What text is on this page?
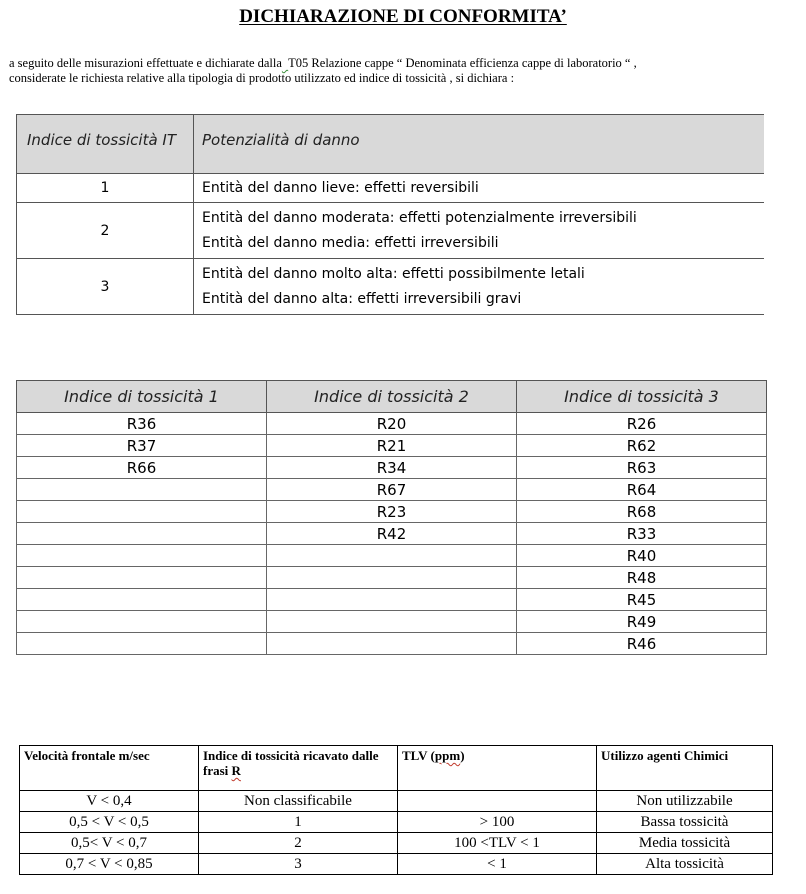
DICHIARAZIONE DI CONFORMITA’
a seguito delle misurazioni effettuate e dichiarate dalla T05 Relazione cappe “ Denominata efficienza cappe di laboratorio “ ,
considerate le richiesta relative alla tipologia di prodotto utilizzato ed indice di tossicità , si dichiara :
Indice di tossicità IT	Potenzialità di danno
1	Entità del danno lieve: effetti reversibili

2	Entità del danno moderata: effetti potenzialmente irreversibili
Entità del danno media: effetti irreversibili

3	Entità del danno molto alta: effetti possibilmente letali
Entità del danno alta: effetti irreversibili gravi
Indice di tossicità 1	Indice di tossicità 2	Indice di tossicità 3
R36	R20	R26
R37	R21	R62
R66	R34	R63
	R67	R64
	R23	R68
	R42	R33
		R40
		R48
		R45
		R49
		R46
Velocità frontale m/sec	Indice di tossicità ricavato dalle frasi R	TLV (ppm)	Utilizzo agenti Chimici
V < 0,4	Non classificabile		Non utilizzabile
0,5 < V < 0,5	1	> 100	Bassa tossicità
0,5< V < 0,7	2	100 <TLV < 1	Media tossicità
0,7 < V < 0,85	3	< 1	Alta tossicità
